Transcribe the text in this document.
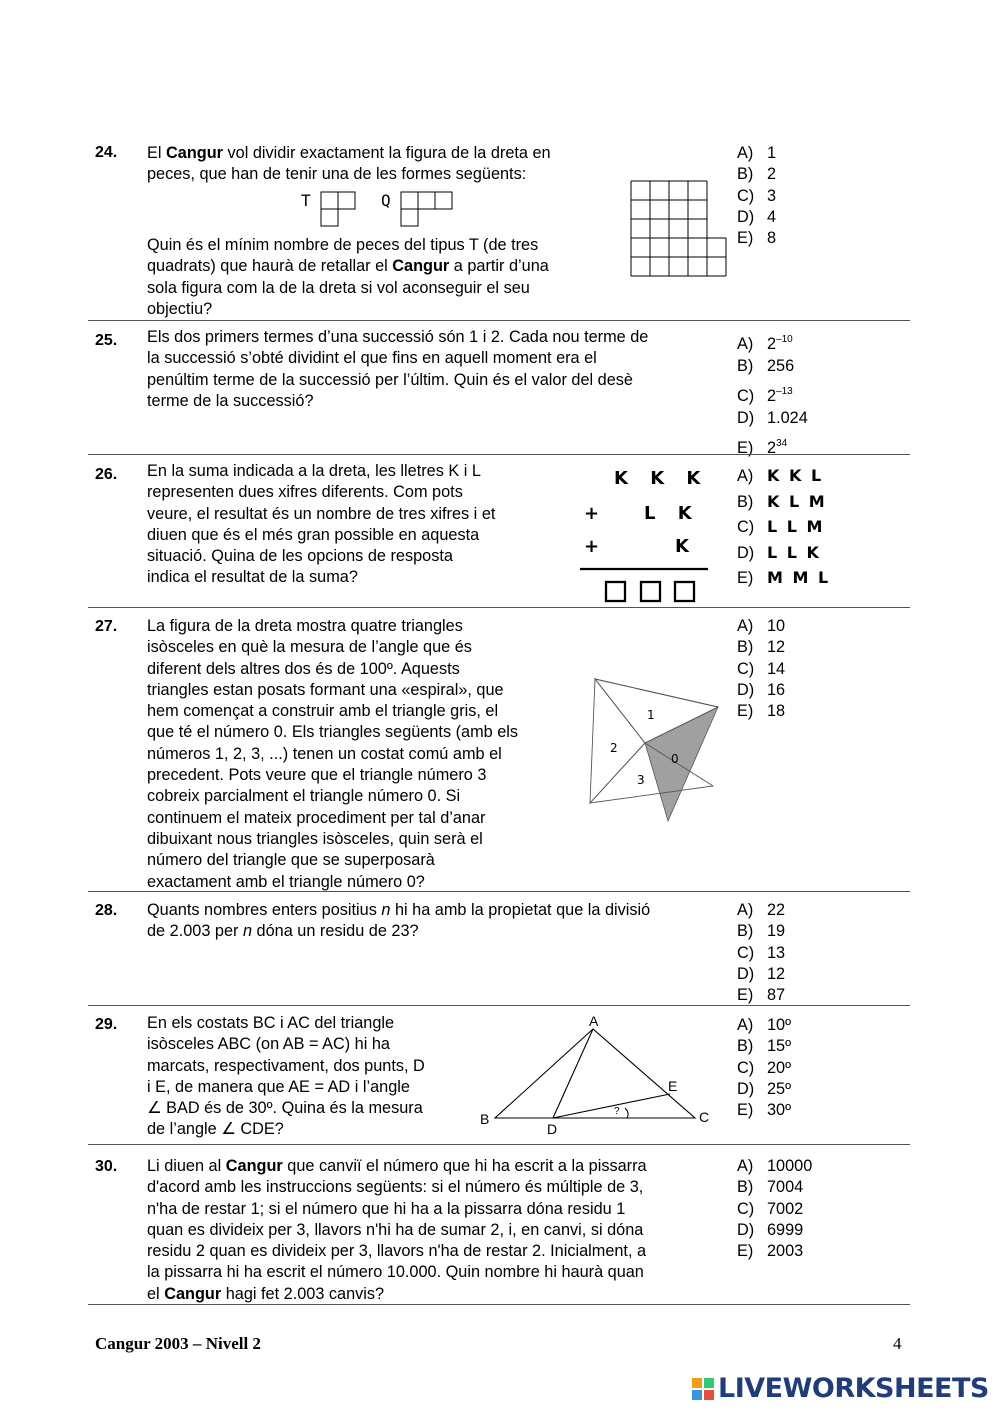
24. El Cangur vol dividir exactament la figura de la dreta en

peces, que han de tenir una de les formes següents:

T	Q

Quin és el mínim nombre de peces del tipus T (de tres

quadrats) que haurà de retallar el Cangur a partir d’una

sola figura com la de la dreta si vol aconseguir el seu

objectiu?

A) 1
B) 2
C) 3
D) 4
E) 8
25. Els dos primers termes d’una successió són 1 i 2. Cada nou terme de

la successió s’obté dividint el que fins en aquell moment era el

penúltim terme de la successió per l’últim. Quin és el valor del desè

terme de la successió?

A) $2^{-10}$
B) 256
C) $2^{-13}$
D) 1.024
E) $2^{34}$
26. En la suma indicada a la dreta, les lletres K i L

representen dues xifres diferents. Com pots

veure, el resultat és un nombre de tres xifres i et

diuen que és el més gran possible en aquesta

situació. Quina de les opcions de resposta

indica el resultat de la suma?

K K K
+ L K
+	K
A) K K L
B) K L M
C) L L M
D) L L K
E) M M L
27. La figura de la dreta mostra quatre triangles

isòsceles en què la mesura de l’angle que és

diferent dels altres dos és de 100º. Aquests

triangles estan posats formant una «espiral», que

hem començat a construir amb el triangle gris, el

que té el número 0. Els triangles següents (amb els

números 1, 2, 3, ...) tenen un costat comú amb el

precedent. Pots veure que el triangle número 3

cobreix parcialment el triangle número 0. Si

continuem el mateix procediment per tal d’anar

dibuixant nous triangles isòsceles, quin serà el

número del triangle que se superposarà

exactament amb el triangle número 0?

1
2
0
3
A) 10
B) 12
C) 14
D) 16
E) 18
28. Quants nombres enters positius n hi ha amb la propietat que la divisió

de 2.003 per n dóna un residu de 23?

A) 22
B) 19
C) 13
D) 12
E) 87
29. En els costats BC i AC del triangle

isòsceles ABC (on AB = AC) hi ha

marcats, respectivament, dos punts, D

i E, de manera que AE = AD i l’angle

∠ BAD és de 30º. Quina és la mesura

de l’angle ∠ CDE?

A
B	C
D
E
?
A) 10º
B) 15º
C) 20º
D) 25º
E) 30º
30. Li diuen al Cangur que canviï el número que hi ha escrit a la pissarra

d'acord amb les instruccions següents: si el número és múltiple de 3,

n'ha de restar 1; si el número que hi ha a la pissarra dóna residu 1

quan es divideix per 3, llavors n'hi ha de sumar 2, i, en canvi, si dóna

residu 2 quan es divideix per 3, llavors n'ha de restar 2. Inicialment, a

la pissarra hi ha escrit el número 10.000. Quin nombre hi haurà quan

el Cangur hagi fet 2.003 canvis?

A) 10000
B) 7004
C) 7002
D) 6999
E) 2003
Cangur 2003 – Nivell 2	4
LIVEWORKSHEETS
